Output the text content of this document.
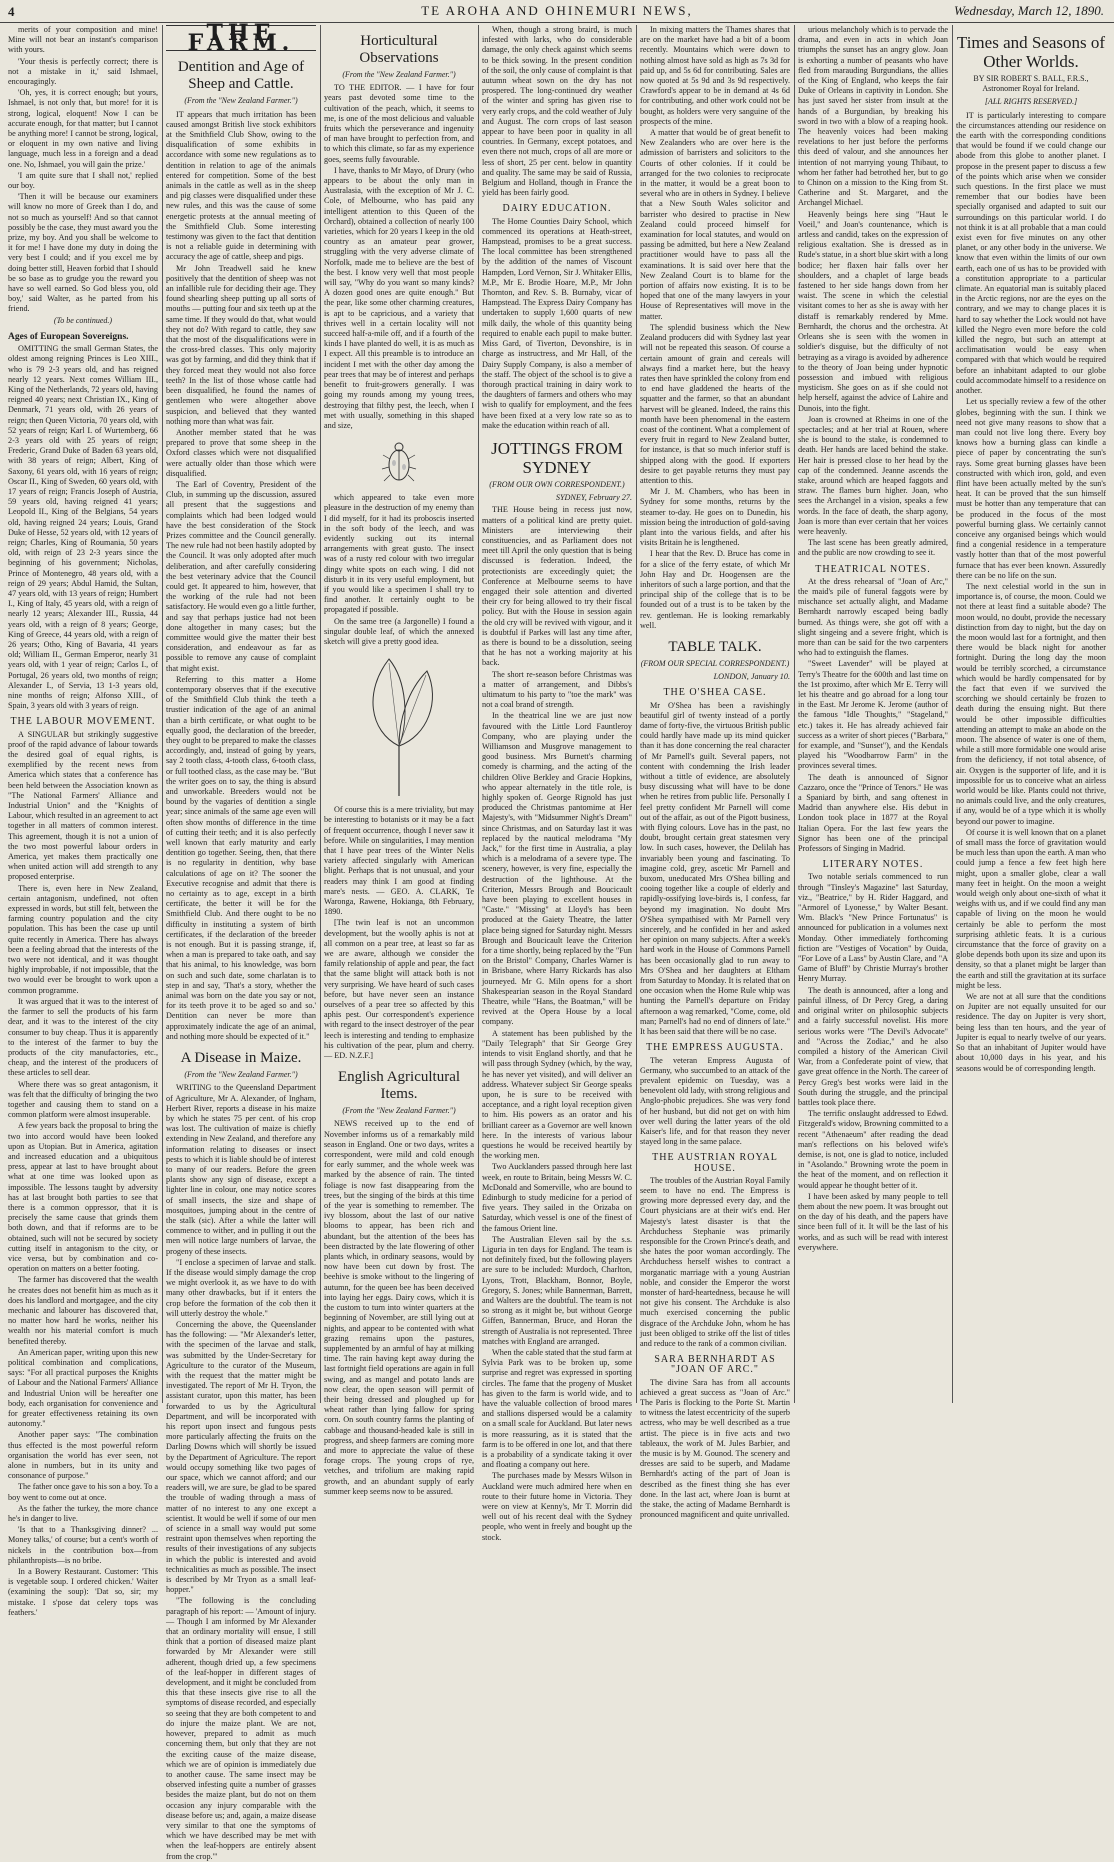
4	TE AROHA AND OHINEMURI NEWS,	Wednesday, March 12, 1890.

merits of your composition and mine! Mine will not bear an instant's comparison with yours.

'Your thesis is perfectly correct; there is not a mistake in it,' said Ishmael, encouragingly.

'Oh, yes, it is correct enough; but yours, Ishmael, is not only that, but more! for it is strong, logical, eloquent! Now I can be accurate enough, for that matter; but I cannot be anything more! I cannot be strong, logical, or eloquent in my own native and living language, much less in a foreign and a dead one. No, Ishmael, you will gain the prize.'

'I am quite sure that I shall not,' replied our boy.

'Then it will be because our examiners will know no more of Greek than I do, and not so much as yourself! And so that cannot possibly be the case, they must award you the prize, my boy. And you shall be welcome to it for me! I have done my duty in doing the very best I could; and if you excel me by doing better still, Heaven forbid that I should be so base as to grudge you the reward you have so well earned. So God bless you, old boy,' said Walter, as he parted from his friend.

(To be continued.)
Ages of European Sovereigns.

OMITTING the small German States, the oldest among reigning Princes is Leo XIII., who is 79 2-3 years old, and has reigned nearly 12 years. Next comes William III., King of the Netherlands, 72 years old, having reigned 40 years; next Christian IX., King of Denmark, 71 years old, with 26 years of reign; then Queen Victoria, 70 years old, with 52 years of reign; Karl I. of Wurtemberg, 66 2-3 years old with 25 years of reign; Frederic, Grand Duke of Baden 63 years old, with 38 years of reign; Albert, King of Saxony, 61 years old, with 16 years of reign; Oscar II., King of Sweden, 60 years old, with 17 years of reign; Francis Joseph of Austria, 59 years old, having reigned 41 years; Leopold II., King of the Belgians, 54 years old, having reigned 24 years; Louis, Grand Duke of Hesse, 52 years old, with 12 years of reign; Charles, King of Roumania, 50 years old, with reign of 23 2-3 years since the beginning of his government; Nicholas, Prince of Montenegro, 48 years old, with a reign of 29 years; Abdul Hamid, the Sultan, 47 years old, with 13 years of reign; Humbert I., King of Italy, 45 years old, with a reign of nearly 12 years; Alexander III., Russia, 44 years old, with a reign of 8 years; George, King of Greece, 44 years old, with a reign of 26 years; Otho, King of Bavaria, 41 years old; William II., German Emperor, nearly 31 years old, with 1 year of reign; Carlos I., of Portugal, 26 years old, two months of reign; Alexander I., of Servia, 13 1-3 years old, nine months of reign; Alfonso XIII., of Spain, 3 years old with 3 years of reign.

THE LABOUR MOVEMENT.

A SINGULAR but strikingly suggestive proof of the rapid advance of labour towards the desired goal of equal rights, is exemplified by the recent news from America which states that a conference has been held between the Association known as "The National Farmers' Alliance and Industrial Union" and the "Knights of Labour, which resulted in an agreement to act together in all matters of common interest. This agreement, though it is not a union of the two most powerful labour orders in America, yet makes them practically one when united action will add strength to any proposed enterprise.

There is, even here in New Zealand, certain antagonism, undefined, not often expressed in words, but still felt, between the farming country population and the city population. This has been the case up until quite recently in America. There has always been a feeling abroad that the interests of the two were not identical, and it was thought highly improbable, if not impossible, that the two would ever be brought to work upon a common programme.

It was argued that it was to the interest of the farmer to sell the products of his farm dear, and it was to the interest of the city consumer to buy cheap. Thus it is apparently to the interest of the farmer to buy the products of the city manufactories, etc., cheap, and the interest of the producers of these articles to sell dear.

Where there was so great antagonism, it was felt that the difficulty of bringing the two together and causing them to stand on a common platform were almost insuperable.

A few years back the proposal to bring the two into accord would have been looked upon as Utopian. But in America, agitation and increased education and a ubiquitous press, appear at last to have brought about what at one time was looked upon as impossible. The lessons taught by adversity has at last brought both parties to see that there is a common oppressor, that it is precisely the same cause that grinds them both down, and that if reforms are to be obtained, such will not be secured by society cutting itself in antagonism to the city, or vice versa, but by combination and co-operation on matters on a better footing.

The farmer has discovered that the wealth he creates does not benefit him as much as it does his landlord and mortgagee, and the city mechanic and labourer has discovered that, no matter how hard he works, neither his wealth nor his material comfort is much benefited thereby.

An American paper, writing upon this new political combination and complications, says: "For all practical purposes the Knights of Labour and the National Farmers' Alliance and Industrial Union will be hereafter one body, each organisation for convenience and for greater effectiveness retaining its own autonomy."

Another paper says: "The combination thus effected is the most powerful reform organisation the world has ever seen, not alone in numbers, but in its unity and consonance of purpose."

The father once gave to his son a boy. To a boy went to come out at once.

As the father the turkey, the more chance he's in danger to live.

'Is that to a Thanksgiving dinner? ... Money talks,' of course; but a cent's worth of nickels in the contribution box—from philanthropists—is no bribe.

In a Bowery Restaurant. Customer: 'This is vegetable soup. I ordered chicken.' Waiter (examining the soup): 'Dat so, sir; my mistake. I s'pose dat celery tops was feathers.'

THE FARM.
Dentition and Age of Sheep and Cattle.
(From the "New Zealand Farmer.")

IT appears that much irritation has been caused amongst British live stock exhibitors at the Smithfield Club Show, owing to the disqualification of some exhibits in accordance with some new regulations as to dentition in relation to age of the animals entered for competition. Some of the best animals in the cattle as well as in the sheep and pig classes were disqualified under these new rules, and this was the cause of some energetic protests at the annual meeting of the Smithfield Club. Some interesting testimony was given to the fact that dentition is not a reliable guide in determining with accuracy the age of cattle, sheep and pigs.

Mr John Treadwell said he knew positively that the dentition of sheep was not an infallible rule for deciding their age. They found shearling sheep putting up all sorts of mouths — putting four and six teeth up at the same time. If they would do that, what would they not do? With regard to cattle, they saw that the most of the disqualifications were in the cross-bred classes. This only majority was got by farming, and did they think that if they forced meat they would not also force teeth? In the list of those whose cattle had been disqualified, he found the names of gentlemen who were altogether above suspicion, and believed that they wanted nothing more than what was fair.

Another member stated that he was prepared to prove that some sheep in the Oxford classes which were not disqualified were actually older than those which were disqualified.

The Earl of Coventry, President of the Club, in summing up the discussion, assured all present that the suggestions and complaints which had been lodged would have the best consideration of the Stock Prizes committee and the Council generally. The new rule had not been hastily adopted by the Council. It was only adopted after much deliberation, and after carefully considering the best veterinary advice that the Council could get. It appeared to him, however, that the working of the rule had not been satisfactory. He would even go a little further, and say that perhaps justice had not been done altogether in many cases; but the committee would give the matter their best consideration, and endeavour as far as possible to remove any cause of complaint that might exist.

Referring to this matter a Home contemporary observes that if the executive of the Smithfield Club think the teeth a trustier indication of the age of an animal than a birth certificate, or what ought to be equally good, the declaration of the breeder, they ought to be prepared to make the classes accordingly, and, instead of going by years, say 2 tooth class, 4-tooth class, 6-tooth class, or full toothed class, as the case may be. "But the writer goes on to say, the thing is absurd and unworkable. Breeders would not be bound by the vagaries of dentition a single year; since animals of the same age even will often show months of difference in the time of cutting their teeth; and it is also perfectly well known that early maturity and early dentition go together. Seeing, then, that there is no regularity in dentition, why base calculations of age on it? The sooner the Executive recognise and admit that there is no certainty as to age, except in a birth certificate, the better it will be for the Smithfield Club. And there ought to be no difficulty in instituting a system of birth certificates, if the declaration of the breeder is not enough. But it is passing strange, if, when a man is prepared to take oath, and say that his animal, to his knowledge, was born on such and such date, some charlatan is to step in and say, 'That's a story, whether the animal was born on the date you say or not, for its teeth prove it to be aged so and so.' Dentition can never be more than approximately indicate the age of an animal, and nothing more should be expected of it."

A Disease in Maize.
(From the "New Zealand Farmer.")

WRITING to the Queensland Department of Agriculture, Mr A. Alexander, of Ingham, Herbert River, reports a disease in his maize by which he states 75 per cent. of his crop was lost. The cultivation of maize is chiefly extending in New Zealand, and therefore any information relating to diseases or insect pests to which it is liable should be of interest to many of our readers. Before the green plants show any sign of disease, except a lighter line in colour, one may notice scores of small insects, the size and shape of mosquitoes, jumping about in the centre of the stalk (sic). After a while the latter will commence to wither, and in pulling it out the men will notice large numbers of larvae, the progeny of these insects.

"I enclose a specimen of larvae and stalk. If the disease would simply damage the crop we might overlook it, as we have to do with many other drawbacks, but if it enters the crop before the formation of the cob then it will utterly destroy the whole."

Concerning the above, the Queenslander has the following: — "Mr Alexander's letter, with the specimen of the larvae and stalk, was submitted by the Under-Secretary for Agriculture to the curator of the Museum, with the request that the matter might be investigated. The report of Mr H. Tryon, the assistant curator, upon this matter, has been forwarded to us by the Agricultural Department, and will be incorporated with his report upon insect and fungous pests more particularly affecting the fruits on the Darling Downs which will shortly be issued by the Department of Agriculture. The report would occupy something like two pages of our space, which we cannot afford; and our readers will, we are sure, be glad to be spared the trouble of wading through a mass of matter of no interest to any one except a scientist. It would be well if some of our men of science in a small way would put some restraint upon themselves when reporting the results of their investigations of any subjects in which the public is interested and avoid technicalities as much as possible. The insect is described by Mr Tryon as a small leaf-hopper."

"The following is the concluding paragraph of his report: — 'Amount of injury. — Though I am informed by Mr Alexander that an ordinary mortality will ensue, I still think that a portion of diseased maize plant forwarded by Mr Alexander were still adherent, though dried up, a few specimens of the leaf-hopper in different stages of development, and it might be concluded from this that these insects give rise to all the symptoms of disease recorded, and especially so seeing that they are both competent to and do injure the maize plant. We are not, however, prepared to admit as much concerning them, but only that they are not the exciting cause of the maize disease, which we are of opinion is immediately due to another cause. The same insect may be observed infesting quite a number of grasses besides the maize plant, but do not on them occasion any injury comparable with the disease before us; and, again, a maize disease very similar to that one the symptoms of which we have described may be met with when the leaf-hoppers are entirely absent from the crop.'"

Horticultural Observations
(From the "New Zealand Farmer.")

TO THE EDITOR. — I have for four years past devoted some time to the cultivation of the peach, which, it seems to me, is one of the most delicious and valuable fruits which the perseverance and ingenuity of man have brought to perfection from, and to which this climate, so far as my experience goes, seems fully favourable.

I have, thanks to Mr Mayo, of Drury (who appears to be about the only man in Australasia, with the exception of Mr J. C. Cole, of Melbourne, who has paid any intelligent attention to this Queen of the Orchard), obtained a collection of nearly 100 varieties, which for 20 years I keep in the old country as an amateur pear grower, struggling with the very adverse climate of Norfolk, made me to believe are the best of the best. I know very well that most people will say, "Why do you want so many kinds? A dozen good ones are quite enough." But the pear, like some other charming creatures, is apt to be capricious, and a variety that thrives well in a certain locality will not succeed half-a-mile off, and if a fourth of the kinds I have planted do well, it is as much as I expect. All this preamble is to introduce an incident I met with the other day among the pear trees that may be of interest and perhaps benefit to fruit-growers generally. I was going my rounds among my young trees, destroying that filthy pest, the leech, when I met with usually, something in this shaped and size,

which appeared to take even more pleasure in the destruction of my enemy than I did myself, for it had its proboscis inserted in the soft body of the leech, and was evidently sucking out its internal arrangements with great gusto. The insect was of a rusty red colour with two irregular dingy white spots on each wing. I did not disturb it in its very useful employment, but if you would like a specimen I shall try to find another. It certainly ought to be propagated if possible.

On the same tree (a Jargonelle) I found a singular double leaf, of which the annexed sketch will give a pretty good idea.

Of course this is a mere triviality, but may be interesting to botanists or it may be a fact of frequent occurrence, though I never saw it before. While on singularities, I may mention that I have pear trees of the Winter Nelis variety affected singularly with American blight. Perhaps that is not unusual, and your readers may think I am good at finding mare's nests. — GEO. A. CLARK, Te Waronga, Rawene, Hokianga, 8th February, 1890.

[The twin leaf is not an uncommon development, but the woolly aphis is not at all common on a pear tree, at least so far as we are aware, although we consider the family relationship of apple and pear, the fact that the same blight will attack both is not very surprising. We have heard of such cases before, but have never seen an instance ourselves of a pear tree so affected by this aphis pest. Our correspondent's experience with regard to the insect destroyer of the pear leech is interesting and tending to emphasize his cultivation of the pear, plum and cherry. — ED. N.Z.F.]

English Agricultural Items.
(From the "New Zealand Farmer.")

NEWS received up to the end of November informs us of a remarkably mild season in England. One or two days, writes a correspondent, were mild and cold enough for early summer, and the whole week was marked by the absence of rain. The tinted foliage is now fast disappearing from the trees, but the singing of the birds at this time of the year is something to remember. The ivy blossom, about the last of our native blooms to appear, has been rich and abundant, but the attention of the bees has been distracted by the late flowering of other plants which, in ordinary seasons, would by now have been cut down by frost. The beehive is smoke without to the lingering of autumn, for the queen bee has been deceived into laying her eggs. Dairy cows, which it is the custom to turn into winter quarters at the beginning of November, are still lying out at nights, and appear to be contented with what grazing remains upon the pastures, supplemented by an armful of hay at milking time. The rain having kept away during the last fortnight field operations are again in full swing, and as mangel and potato lands are now clear, the open season will permit of their being dressed and ploughed up for wheat rather than lying fallow for spring corn. On south country farms the planting of cabbage and thousand-headed kale is still in progress, and sheep farmers are coming more and more to appreciate the value of these forage crops. The young crops of rye, vetches, and trifolium are making rapid growth, and an abundant supply of early summer keep seems now to be assured.

When, though a strong braird, is much infested with larks, who do considerable damage, the only check against which seems to be thick sowing. In the present condition of the soil, the only cause of complaint is that autumn wheat sown on the dry has not prospered. The long-continued dry weather of the winter and spring has given rise to very early crops, and the cold weather of July and August. The corn crops of last season appear to have been poor in quality in all countries. In Germany, except potatoes, and even there not much, crops of all are more or less of short, 25 per cent. below in quantity and quality. The same may be said of Russia, Belgium and Holland, though in France the yield has been fairly good.

DAIRY EDUCATION.

The Home Counties Dairy School, which commenced its operations at Heath-street, Hampstead, promises to be a great success. The local committee has been strengthened by the addition of the names of Viscount Hampden, Lord Vernon, Sir J. Whitaker Ellis, M.P., Mr E. Brodie Hoare, M.P., Mr John Thornton, and Rev. S. B. Burnaby, vicar of Hampstead. The Express Dairy Company has undertaken to supply 1,600 quarts of new milk daily, the whole of this quantity being required to enable each pupil to make butter. Miss Gard, of Tiverton, Devonshire, is in charge as instructress, and Mr Hall, of the Dairy Supply Company, is also a member of the staff. The object of the school is to give a thorough practical training in dairy work to the daughters of farmers and others who may wish to qualify for employment, and the fees have been fixed at a very low rate so as to make the education within reach of all.

JOTTINGS FROM SYDNEY
(FROM OUR OWN CORRESPONDENT.)
SYDNEY, February 27.

THE House being in recess just now, matters of a political kind are pretty quiet. Ministers are interviewing their constituencies, and as Parliament does not meet till April the only question that is being discussed is federation. Indeed, the protectionists are exceedingly quiet; the Conference at Melbourne seems to have engaged their sole attention and diverted their cry for being allowed to try their fiscal policy. But with the House in session again the old cry will be revived with vigour, and it is doubtful if Parkes will last any time after, as there is bound to be a dissolution, seeing that he has not a working majority at his back.

The short re-season before Christmas was a matter of arrangement, and Dibbs's ultimatum to his party to "toe the mark" was not a coal brand of strength.

In the theatrical line we are just now favoured with the Little Lord Fauntleroy Company, who are playing under the Williamson and Musgrove management to good business. Mrs Burnett's charming comedy is charming, and the acting of the children Olive Berkley and Gracie Hopkins, who appear alternately in the title role, is highly spoken of. George Rignold has just produced the Christmas pantomime at Her Majesty's, with "Midsummer Night's Dream" since Christmas, and on Saturday last it was replaced by the nautical melodrama "My Jack," for the first time in Australia, a play which is a melodrama of a severe type. The scenery, however, is very fine, especially the destruction of the lighthouse. At the Criterion, Messrs Brough and Boucicault have been playing to excellent houses in "Caste." "Missing" at Lloyd's has been produced at the Gaiety Theatre, the latter place being signed for Saturday night. Messrs Brough and Boucicault leave the Criterion for a time shortly, being replaced by the "Fun on the Bristol" Company, Charles Warner is in Brisbane, where Harry Rickards has also journeyed. Mr G. Miln opens for a short Shakespearian season in the Royal Standard Theatre, while "Hans, the Boatman," will be revived at the Opera House by a local company.

A statement has been published by the "Daily Telegraph" that Sir George Grey intends to visit England shortly, and that he will pass through Sydney (which, by the way, he has never yet visited), and will deliver an address. Whatever subject Sir George speaks upon, he is sure to be received with acceptance, and a right loyal reception given to him. His powers as an orator and his brilliant career as a Governor are well known here. In the interests of various labour questions he would be received heartily by the working men.

Two Aucklanders passed through here last week, en route to Britain, being Messrs W. C. McDonald and Somerville, who are bound to Edinburgh to study medicine for a period of five years. They sailed in the Orizaba on Saturday, which vessel is one of the finest of the famous Orient line.

The Australian Eleven sail by the s.s. Liguria in ten days for England. The team is not definitely fixed, but the following players are sure to be included: Murdoch, Charlton, Lyons, Trott, Blackham, Bonnor, Boyle, Gregory, S. Jones; while Bannerman, Barrett, and Walters are the doubtful. The team is not so strong as it might be, but without George Giffen, Bannerman, Bruce, and Horan the strength of Australia is not represented. Three matches with England are arranged.

When the cable stated that the stud farm at Sylvia Park was to be broken up, some surprise and regret was expressed in sporting circles. The fame that the progeny of Musket has given to the farm is world wide, and to have the valuable collection of brood mares and stallions dispersed would be a calamity on a small scale for Auckland. But later news is more reassuring, as it is stated that the farm is to be offered in one lot, and that there is a probability of a syndicate taking it over and floating a company out here.

The purchases made by Messrs Wilson in Auckland were much admired here when en route to their future home in Victoria. They were on view at Kenny's, Mr T. Morrin did well out of his recent deal with the Sydney people, who went in freely and bought up the stock.

In mixing matters the Thames shares that are on the market have had a bit of a boom recently. Mountains which were down to nothing almost have sold as high as 7s 3d for paid up, and 5s 6d for contributing. Sales are now quoted at 5s 9d and 3s 9d respectively. Crawford's appear to be in demand at 4s 6d for contributing, and other work could not be bought, as holders were very sanguine of the prospects of the mine.

A matter that would be of great benefit to New Zealanders who are over here is the admission of barristers and solicitors to the Courts of other colonies. If it could be arranged for the two colonies to reciprocate in the matter, it would be a great boon to several who are in others in Sydney. I believe that a New South Wales solicitor and barrister who desired to practise in New Zealand could proceed himself for examination for local statutes, and would on passing be admitted, but here a New Zealand practitioner would have to pass all the examinations. It is said over here that the New Zealand Court is to blame for the portion of affairs now existing. It is to be hoped that one of the many lawyers in your House of Representatives will move in the matter.

The splendid business which the New Zealand producers did with Sydney last year will not be repeated this season. Of course a certain amount of grain and cereals will always find a market here, but the heavy rates then have sprinkled the colony from end to end have gladdened the hearts of the squatter and the farmer, so that an abundant harvest will be gleaned. Indeed, the rains this month have been phenomenal in the eastern coast of the continent. What a complement of every fruit in regard to New Zealand butter, for instance, is that so much inferior stuff is shipped along with the good. If exporters desire to get payable returns they must pay attention to this.

Mr J. M. Chambers, who has been in Sydney for some months, returns by the steamer to-day. He goes on to Dunedin, his mission being the introduction of gold-saving plant into the various fields, and after his visits Britain he is lengthened.

I hear that the Rev. D. Bruce has come in for a slice of the ferry estate, of which Mr John Hay and Dr. Hoogensen are the inheritors of such a large portion, and that the principal ship of the college that is to be founded out of a trust is to be taken by the rev. gentleman. He is looking remarkably well.

TABLE TALK.
(FROM OUR SPECIAL CORRESPONDENT.)
LONDON, January 10.
THE O'SHEA CASE.

Mr O'Shea has been a ravishingly beautiful girl of twenty instead of a portly dame of forty-five, the virtuous British public could hardly have made up its mind quicker than it has done concerning the real character of Mr Parnell's guilt. Several papers, not content with condemning the Irish leader without a tittle of evidence, are absolutely busy discussing what will have to be done when he retires from public life. Personally I feel pretty confident Mr Parnell will come out of the affair, as out of the Pigott business, with flying colours. Love has in the past, no doubt, brought certain great statesmen very low. In such cases, however, the Delilah has invariably been young and fascinating. To imagine cold, grey, ascetic Mr Parnell and buxom, uneducated Mrs O'Shea billing and cooing together like a couple of elderly and rapidly-ossifying love-birds is, I confess, far beyond my imagination. No doubt Mrs O'Shea sympathised with Mr Parnell very sincerely, and he confided in her and asked her opinion on many subjects. After a week's hard work in the House of Commons Parnell has been occasionally glad to run away to Mrs O'Shea and her daughters at Eltham from Saturday to Monday. It is related that on one occasion when the Home Rule whip was hunting the Parnell's departure on Friday afternoon a wag remarked, "Come, come, old man; Parnell's had no end of dinners of late." It has been said that there will be no case.

THE EMPRESS AUGUSTA.

The veteran Empress Augusta of Germany, who succumbed to an attack of the prevalent epidemic on Tuesday, was a benevolent old lady, with strong religious and Anglo-phobic prejudices. She was very fond of her husband, but did not get on with him over well during the latter years of the old Kaiser's life, and for that reason they never stayed long in the same palace.

THE AUSTRIAN ROYAL HOUSE.

The troubles of the Austrian Royal Family seem to have no end. The Empress is growing more depressed every day, and the Court physicians are at their wit's end. Her Majesty's latest disaster is that the Archduchess Stephanie was primarily responsible for the Crown Prince's death, and she hates the poor woman accordingly. The Archduchess herself wishes to contract a morganatic marriage with a young Austrian noble, and consider the Emperor the worst monster of hard-heartedness, because he will not give his consent. The Archduke is also much exercised concerning the public disgrace of the Archduke John, whom he has just been obliged to strike off the list of titles and reduce to the rank of a common civilian.

SARA BERNHARDT AS "JOAN OF ARC."

The divine Sara has from all accounts achieved a great success as "Joan of Arc." The Paris is flocking to the Porte St. Martin to witness the latest eccentricity of the superb actress, who may be well described as a true artist. The piece is in five acts and two tableaux, the work of M. Jules Barbier, and the music is by M. Gounod. The scenery and dresses are said to be superb, and Madame Bernhardt's acting of the part of Joan is described as the finest thing she has ever done. In the last act, where Joan is burnt at the stake, the acting of Madame Bernhardt is pronounced magnificent and quite unrivalled.

urious melancholy which is to pervade the drama, and even in acts in which Joan triumphs the sunset has an angry glow. Joan is exhorting a number of peasants who have fled from marauding Burgundians, the allies of the King of England, who keeps the fair Duke of Orleans in captivity in London. She has just saved her sister from insult at the hands of a Burgundian, by breaking his sword in two with a blow of a reaping hook. The heavenly voices had been making revelations to her just before the performs this deed of valour, and she announces her intention of not marrying young Thibaut, to whom her father had betrothed her, but to go to Chinon on a mission to the King from St. Catherine and St. Margaret, and the Archangel Michael.

Heavenly beings here sing "Haut le Voeil," and Joan's countenance, which is artless and candid, takes on the expression of religious exaltation. She is dressed as in Rude's statue, in a short blue skirt with a long bodice; her flaxen hair falls over her shoulders, and a chaplet of large beads fastened to her side hangs down from her waist. The scene in which the celestial visitant comes to her as she is away with her distaff is remarkably rendered by Mme. Bernhardt, the chorus and the orchestra. At Orleans she is seen with the women in soldier's disguise, but the difficulty of not betraying as a virago is avoided by adherence to the theory of Joan being under hypnotic possession and imbued with religious mysticism. She goes on as if she could not help herself, against the advice of Lahire and Dunois, into the fight.

Joan is crowned at Rheims in one of the spectacles; and at her trial at Rouen, where she is bound to the stake, is condemned to death. Her hands are laced behind the stake. Her hair is pressed close to her head by the cap of the condemned. Jeanne ascends the stake, around which are heaped faggots and straw. The flames burn higher. Joan, who sees the Archangel in a vision, speaks a few words. In the face of death, the sharp agony, Joan is more than ever certain that her voices were heavenly.

The last scene has been greatly admired, and the public are now crowding to see it.

THEATRICAL NOTES.

At the dress rehearsal of "Joan of Arc," the maid's pile of funeral faggots were by mischance set actually alight, and Madame Bernhardt narrowly escaped being badly burned. As things were, she got off with a slight singeing and a severe fright, which is more than can be said for the two carpenters who had to extinguish the flames.

"Sweet Lavender" will be played at Terry's Theatre for the 600th and last time on the 1st proximo, after which Mr E. Terry will let his theatre and go abroad for a long tour in the East. Mr Jerome K. Jerome (author of the famous "Idle Thoughts," "Stageland," etc.) takes it. He has already achieved fair success as a writer of short pieces ("Barbara," for example, and "Sunset"), and the Kendals played his "Woodbarrow Farm" in the provinces several times.

The death is announced of Signor Cazzaro, once the "Prince of Tenors." He was a Spaniard by birth, and sang oftenest in Madrid than anywhere else. His debut in London took place in 1877 at the Royal Italian Opera. For the last few years the Signor has been one of the principal Professors of Singing in Madrid.

LITERARY NOTES.

Two notable serials commenced to run through "Tinsley's Magazine" last Saturday, viz., "Beatrice," by H. Rider Haggard, and "Armorel of Lyonesse," by Walter Besant. Wm. Black's "New Prince Fortunatus" is announced for publication in a volumes next Monday. Other immediately forthcoming fiction are "Vestiges of Vocation" by Ouida, "For Love of a Lass" by Austin Clare, and "A Game of Bluff" by Christie Murray's brother Henry Murray.

The death is announced, after a long and painful illness, of Dr Percy Greg, a daring and original writer on philosophic subjects and a fairly successful novelist. His more serious works were "The Devil's Advocate" and "Across the Zodiac," and he also compiled a history of the American Civil War, from a Confederate point of view, that gave great offence in the North. The career of Percy Greg's best works were laid in the South during the struggle, and the principal battles took place there.

The terrific onslaught addressed to Edwd. Fitzgerald's widow, Browning committed to a recent "Athenaeum" after reading the dead man's reflections on his beloved wife's demise, is not, one is glad to notice, included in "Asolando." Browning wrote the poem in the heat of the moment, and on reflection it would appear he thought better of it.

I have been asked by many people to tell them about the new poem. It was brought out on the day of his death, and the papers have since been full of it. It will be the last of his works, and as such will be read with interest everywhere.

Times and Seasons of Other Worlds.
BY SIR ROBERT S. BALL, F.R.S., Astronomer Royal for Ireland.
[ALL RIGHTS RESERVED.]

IT is particularly interesting to compare the circumstances attending our residence on the earth with the corresponding conditions that would be found if we could change our abode from this globe to another planet. I propose in the present paper to discuss a few of the points which arise when we consider such questions. In the first place we must remember that our bodies have been specially organised and adapted to suit our surroundings on this particular world. I do not think it is at all probable that a man could exist even for five minutes on any other planet, or any other body in the universe. We know that even within the limits of our own earth, each one of us has to be provided with a constitution appropriate to a particular climate. An equatorial man is suitably placed in the Arctic regions, nor are the eyes on the contrary, and we may to change places it is hard to say whether the Lock would not have killed the Negro even more before the cold killed the negro, but such an attempt at acclimatisation would be easy when compared with that which would be required before an inhabitant adapted to our globe could accommodate himself to a residence on another.

Let us specially review a few of the other globes, beginning with the sun. I think we need not give many reasons to show that a man could not live long there. Every boy knows how a burning glass can kindle a piece of paper by concentrating the sun's rays. Some great burning glasses have been constructed with which iron, gold, and even flint have been actually melted by the sun's heat. It can be proved that the sun himself must be hotter than any temperature that can be produced in the focus of the most powerful burning glass. We certainly cannot conceive any organised beings which would find a congenial residence in a temperature vastly hotter than that of the most powerful furnace that has ever been known. Assuredly there can be no life on the sun.

The next celestial world in the sun in importance is, of course, the moon. Could we not there at least find a suitable abode? The moon would, no doubt, provide the necessary distinction from day to night, but the day on the moon would last for a fortnight, and then there would be black night for another fortnight. During the long day the moon would be terribly scorched, a circumstance which would be hardly compensated for by the fact that even if we survived the scorching we should certainly be frozen to death during the ensuing night. But there would be other impossible difficulties attending an attempt to make an abode on the moon. The absence of water is one of them, while a still more formidable one would arise from the deficiency, if not total absence, of air. Oxygen is the supporter of life, and it is impossible for us to conceive what an airless world would be like. Plants could not thrive, no animals could live, and the only creatures, if any, would be of a type which it is wholly beyond our power to imagine.

Of course it is well known that on a planet of small mass the force of gravitation would be much less than upon the earth. A man who could jump a fence a few feet high here might, upon a smaller globe, clear a wall many feet in height. On the moon a weight would weigh only about one-sixth of what it weighs with us, and if we could find any man capable of living on the moon he would certainly be able to perform the most surprising athletic feats. It is a curious circumstance that the force of gravity on a globe depends both upon its size and upon its density, so that a planet might be larger than the earth and still the gravitation at its surface might be less.

We are not at all sure that the conditions on Jupiter are not equally unsuited for our residence. The day on Jupiter is very short, being less than ten hours, and the year of Jupiter is equal to nearly twelve of our years. So that an inhabitant of Jupiter would have about 10,000 days in his year, and his seasons would be of corresponding length.
